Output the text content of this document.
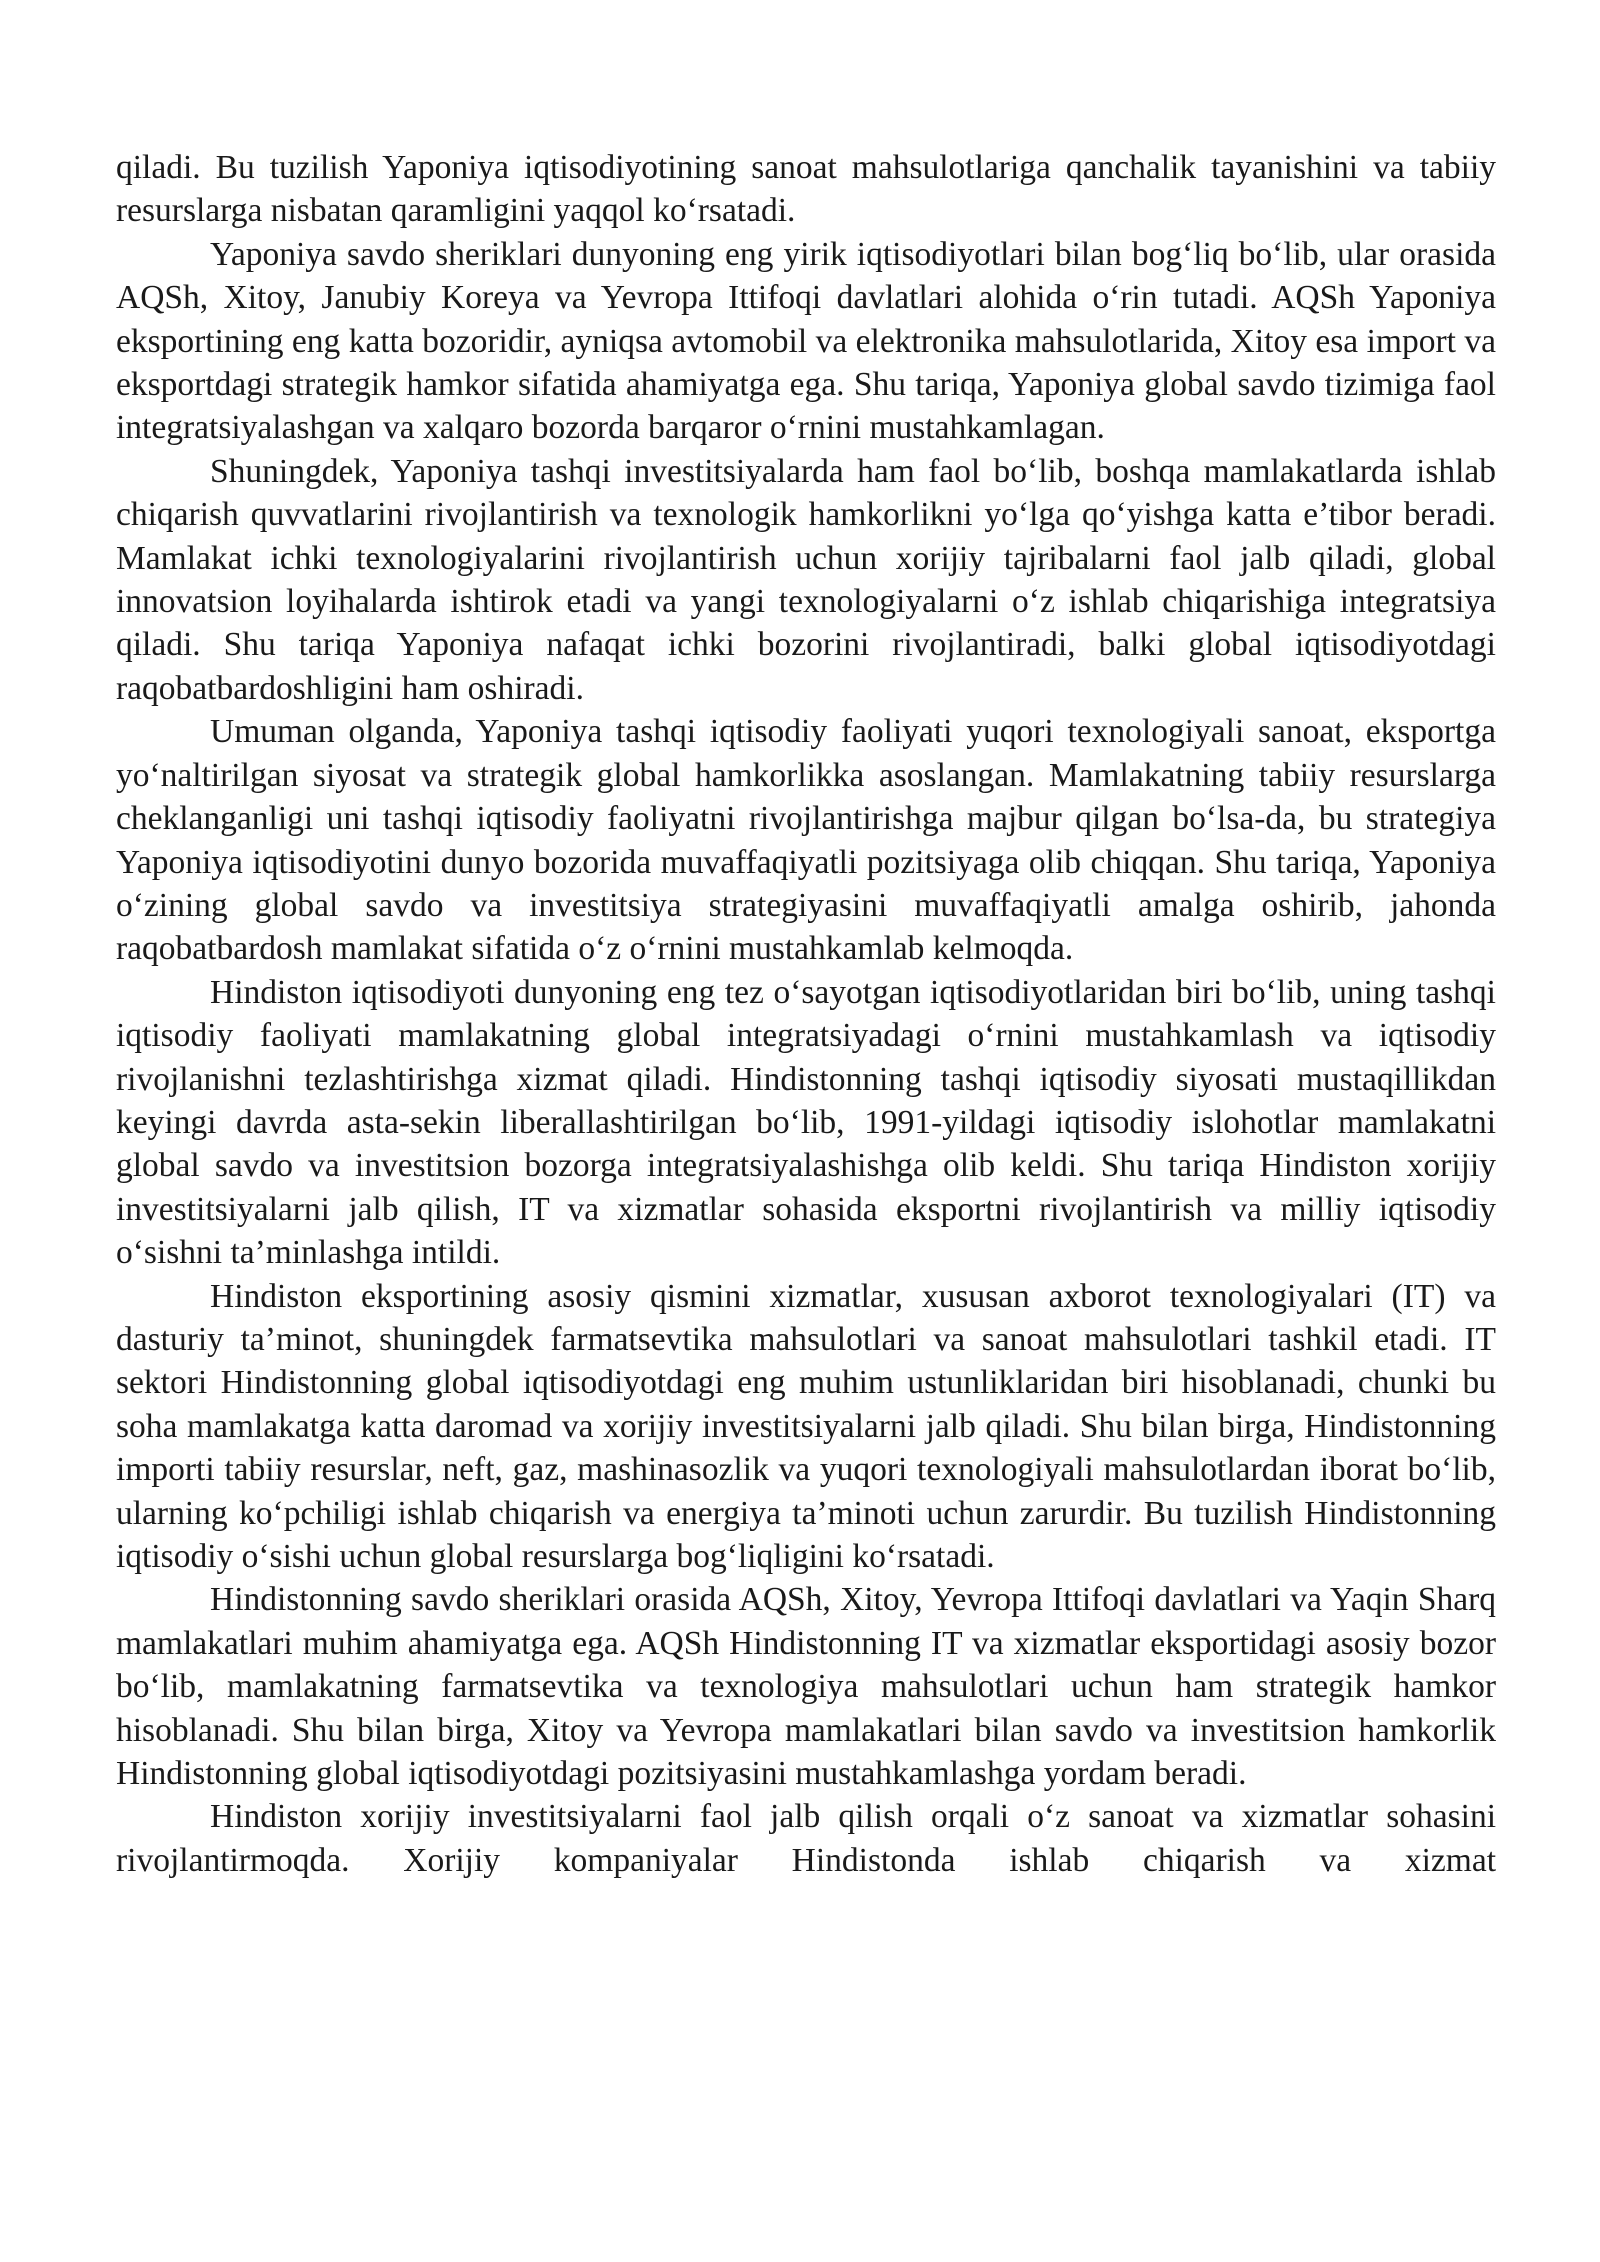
qiladi. Bu tuzilish Yaponiya iqtisodiyotining sanoat mahsulotlariga qanchalik tayanishini va tabiiy resurslarga nisbatan qaramligini yaqqol ko‘rsatadi.

Yaponiya savdo sheriklari dunyoning eng yirik iqtisodiyotlari bilan bog‘liq bo‘lib, ular orasida AQSh, Xitoy, Janubiy Koreya va Yevropa Ittifoqi davlatlari alohida o‘rin tutadi. AQSh Yaponiya eksportining eng katta bozoridir, ayniqsa avtomobil va elektronika mahsulotlarida, Xitoy esa import va eksportdagi strategik hamkor sifatida ahamiyatga ega. Shu tariqa, Yaponiya global savdo tizimiga faol integratsiyalashgan va xalqaro bozorda barqaror o‘rnini mustahkamlagan.

Shuningdek, Yaponiya tashqi investitsiyalarda ham faol bo‘lib, boshqa mamlakatlarda ishlab chiqarish quvvatlarini rivojlantirish va texnologik hamkorlikni yo‘lga qo‘yishga katta e’tibor beradi. Mamlakat ichki texnologiyalarini rivojlantirish uchun xorijiy tajribalarni faol jalb qiladi, global innovatsion loyihalarda ishtirok etadi va yangi texnologiyalarni o‘z ishlab chiqarishiga integratsiya qiladi. Shu tariqa Yaponiya nafaqat ichki bozorini rivojlantiradi, balki global iqtisodiyotdagi raqobatbardoshligini ham oshiradi.

Umuman olganda, Yaponiya tashqi iqtisodiy faoliyati yuqori texnologiyali sanoat, eksportga yo‘naltirilgan siyosat va strategik global hamkorlikka asoslangan. Mamlakatning tabiiy resurslarga cheklanganligi uni tashqi iqtisodiy faoliyatni rivojlantirishga majbur qilgan bo‘lsa-da, bu strategiya Yaponiya iqtisodiyotini dunyo bozorida muvaffaqiyatli pozitsiyaga olib chiqqan. Shu tariqa, Yaponiya o‘zining global savdo va investitsiya strategiyasini muvaffaqiyatli amalga oshirib, jahonda raqobatbardosh mamlakat sifatida o‘z o‘rnini mustahkamlab kelmoqda.

Hindiston iqtisodiyoti dunyoning eng tez o‘sayotgan iqtisodiyotlaridan biri bo‘lib, uning tashqi iqtisodiy faoliyati mamlakatning global integratsiyadagi o‘rnini mustahkamlash va iqtisodiy rivojlanishni tezlashtirishga xizmat qiladi. Hindistonning tashqi iqtisodiy siyosati mustaqillikdan keyingi davrda asta-sekin liberallashtirilgan bo‘lib, 1991-yildagi iqtisodiy islohotlar mamlakatni global savdo va investitsion bozorga integratsiyalashishga olib keldi. Shu tariqa Hindiston xorijiy investitsiyalarni jalb qilish, IT va xizmatlar sohasida eksportni rivojlantirish va milliy iqtisodiy o‘sishni ta’minlashga intildi.

Hindiston eksportining asosiy qismini xizmatlar, xususan axborot texnologiyalari (IT) va dasturiy ta’minot, shuningdek farmatsevtika mahsulotlari va sanoat mahsulotlari tashkil etadi. IT sektori Hindistonning global iqtisodiyotdagi eng muhim ustunliklaridan biri hisoblanadi, chunki bu soha mamlakatga katta daromad va xorijiy investitsiyalarni jalb qiladi. Shu bilan birga, Hindistonning importi tabiiy resurslar, neft, gaz, mashinasozlik va yuqori texnologiyali mahsulotlardan iborat bo‘lib, ularning ko‘pchiligi ishlab chiqarish va energiya ta’minoti uchun zarurdir. Bu tuzilish Hindistonning iqtisodiy o‘sishi uchun global resurslarga bog‘liqligini ko‘rsatadi.

Hindistonning savdo sheriklari orasida AQSh, Xitoy, Yevropa Ittifoqi davlatlari va Yaqin Sharq mamlakatlari muhim ahamiyatga ega. AQSh Hindistonning IT va xizmatlar eksportidagi asosiy bozor bo‘lib, mamlakatning farmatsevtika va texnologiya mahsulotlari uchun ham strategik hamkor hisoblanadi. Shu bilan birga, Xitoy va Yevropa mamlakatlari bilan savdo va investitsion hamkorlik Hindistonning global iqtisodiyotdagi pozitsiyasini mustahkamlashga yordam beradi.

Hindiston xorijiy investitsiyalarni faol jalb qilish orqali o‘z sanoat va xizmatlar sohasini rivojlantirmoqda. Xorijiy kompaniyalar Hindistonda ishlab chiqarish va xizmat
